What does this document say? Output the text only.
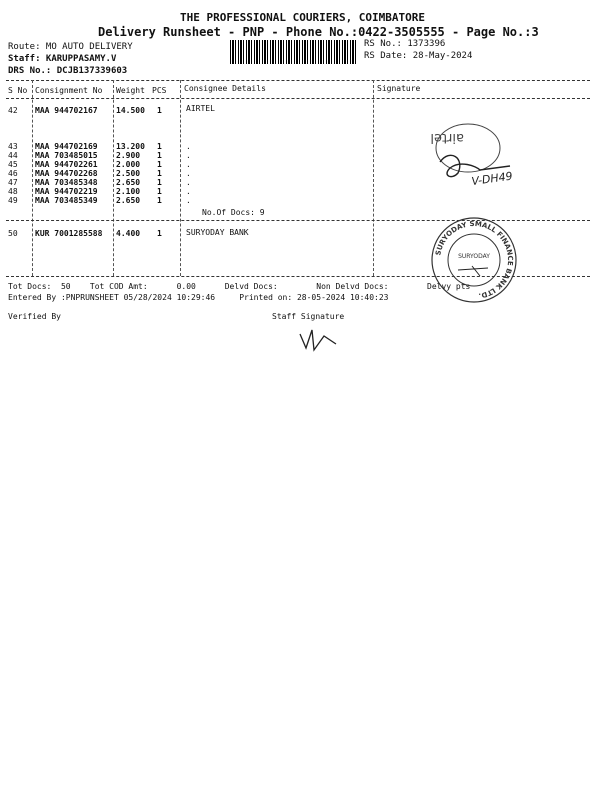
THE PROFESSIONAL COURIERS, COIMBATORE
Delivery Runsheet - PNP - Phone No.:0422-3505555 - Page No.:3
Route: MO AUTO DELIVERY
Staff: KARUPPASAMY.V
DRS No.: DCJB137339603
RS No.: 1373396
RS Date: 28-May-2024
S No Consignment No Weight PCS Consignee Details	Signature
42 MAA 944702167 14.500 1	AIRTEL
43 MAA 944702169 13.200 1	.
44 MAA 703485015 2.900 1	.
45 MAA 944702261 2.000 1	.
46 MAA 944702268 2.500 1	.
47 MAA 703485348 2.650 1	.
48 MAA 944702219 2.100 1	.
49 MAA 703485349 2.650 1	.
No.Of Docs: 9
50 KUR 7001285588 4.400 1	SURYODAY BANK
airtel
V-DH49
SURYODAY SMALL FINANCE BANK LTD.
SURYODAY
Tot Docs:  50    Tot COD Amt:      0.00      Delvd Docs:        Non Delvd Docs:        Delvy pts
Entered By :PNPRUNSHEET 05/28/2024 10:29:46     Printed on: 28-05-2024 10:40:23
Verified By	Staff Signature
